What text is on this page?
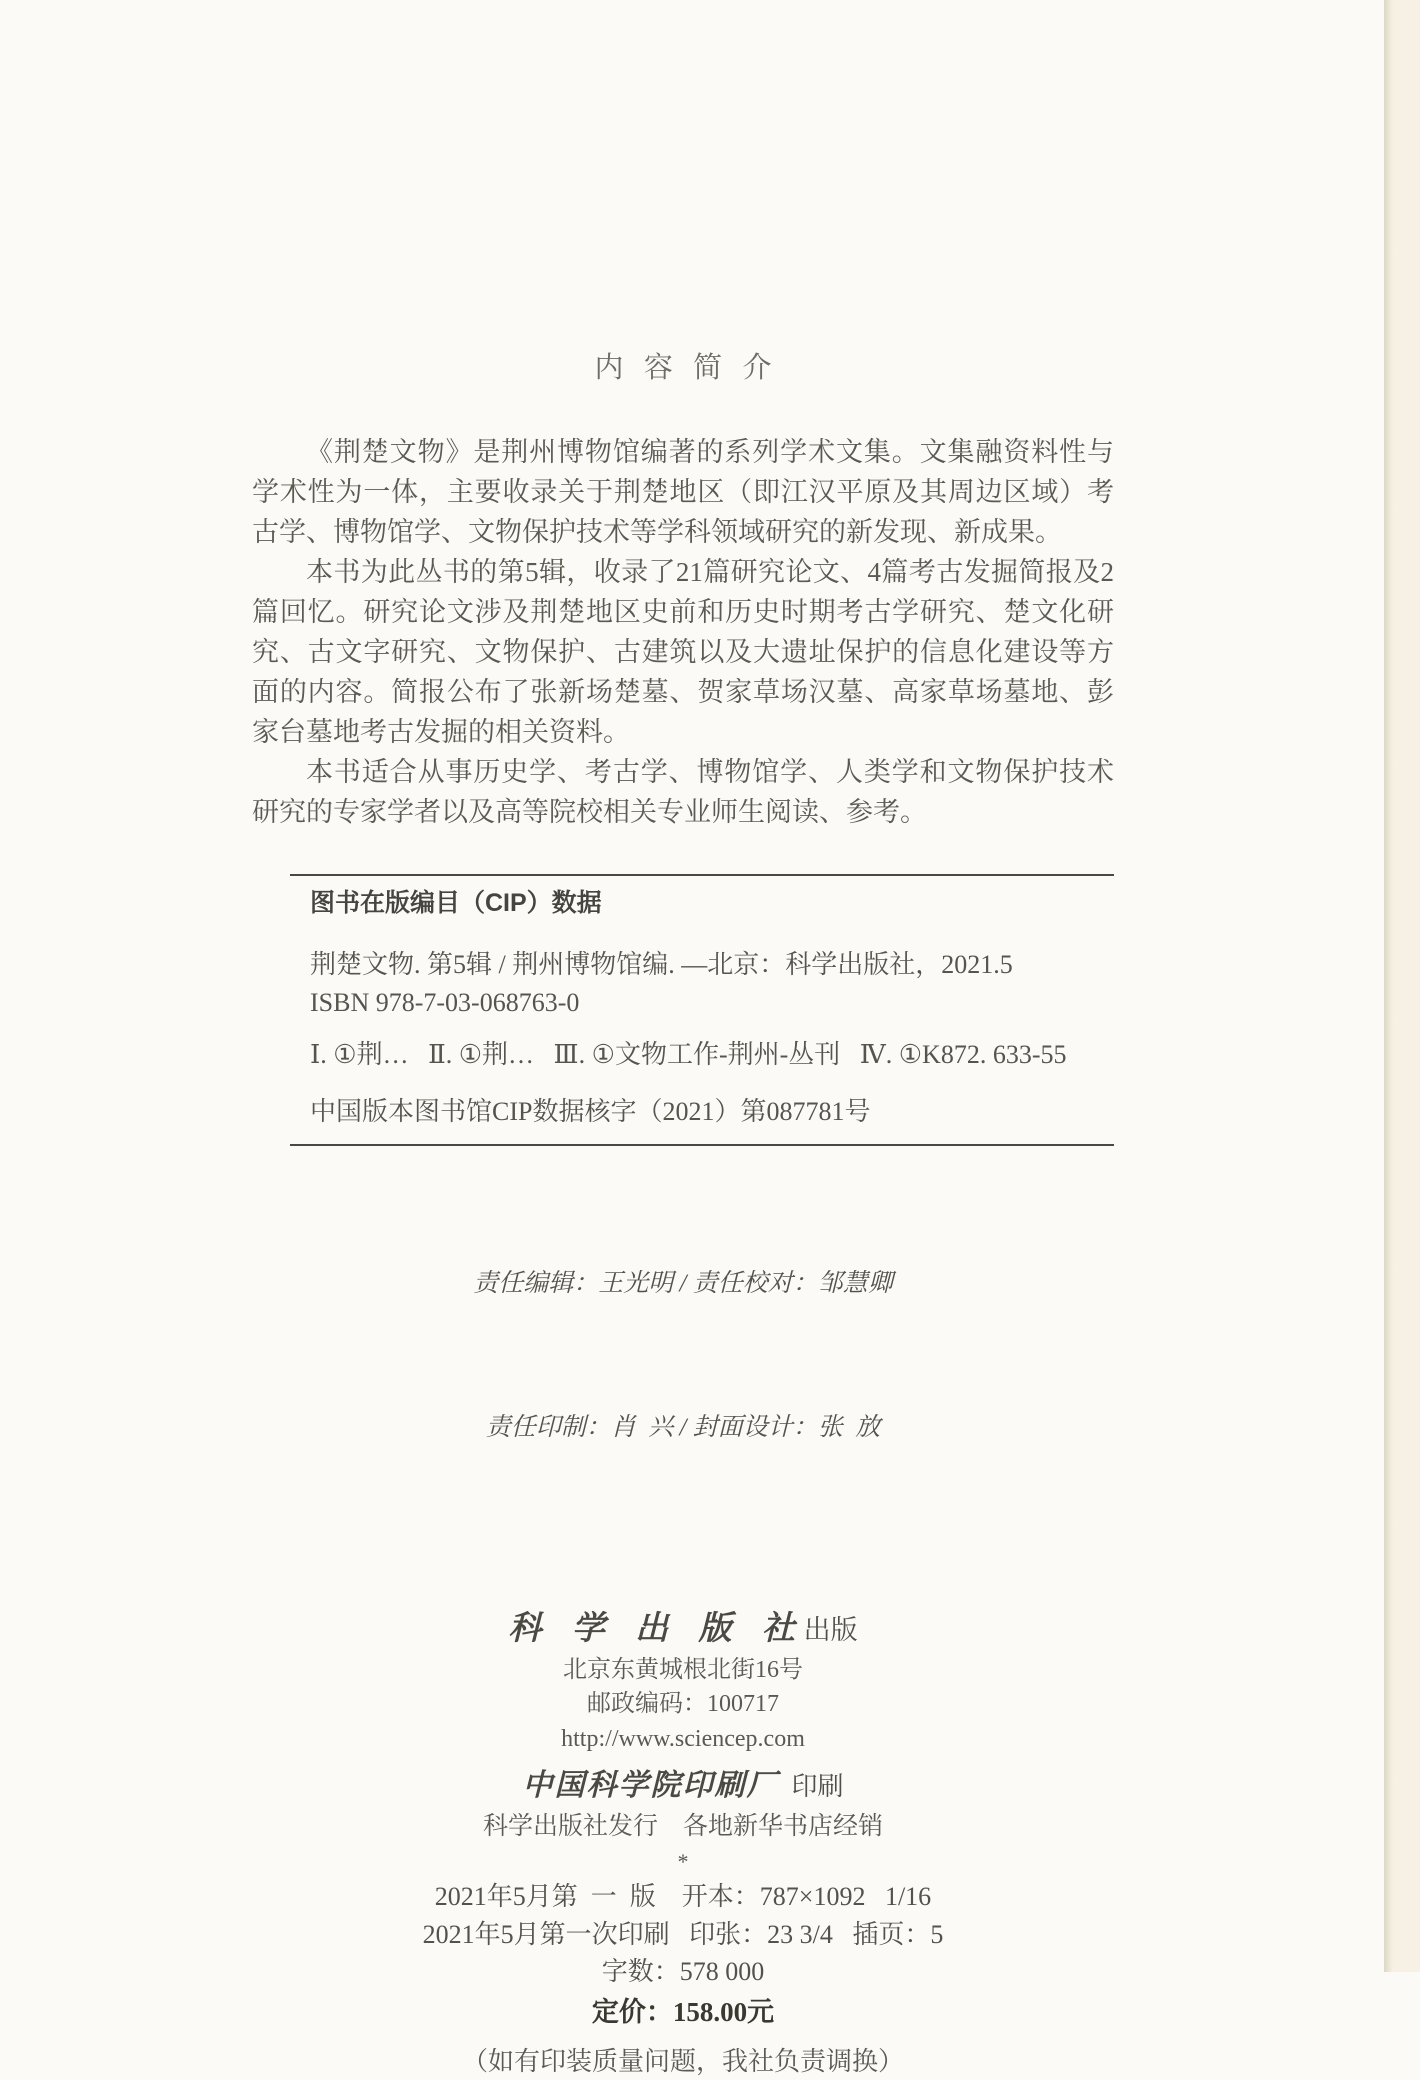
内 容 简 介

《荆楚文物》是荆州博物馆编著的系列学术文集。文集融资料性与学术性为一体，主要收录关于荆楚地区（即江汉平原及其周边区域）考古学、博物馆学、文物保护技术等学科领域研究的新发现、新成果。

本书为此丛书的第5辑，收录了21篇研究论文、4篇考古发掘简报及2篇回忆。研究论文涉及荆楚地区史前和历史时期考古学研究、楚文化研究、古文字研究、文物保护、古建筑以及大遗址保护的信息化建设等方面的内容。简报公布了张新场楚墓、贺家草场汉墓、高家草场墓地、彭家台墓地考古发掘的相关资料。

本书适合从事历史学、考古学、博物馆学、人类学和文物保护技术研究的专家学者以及高等院校相关专业师生阅读、参考。

图书在版编目（CIP）数据

荆楚文物. 第5辑 / 荆州博物馆编. —北京：科学出版社，2021.5

ISBN 978-7-03-068763-0

Ⅰ. ①荆…   Ⅱ. ①荆…   Ⅲ. ①文物工作-荆州-丛刊   Ⅳ. ①K872. 633-55

中国版本图书馆CIP数据核字（2021）第087781号

责任编辑：王光明 / 责任校对：邹慧卿

责任印制：肖  兴 / 封面设计：张  放

科 学 出 版 社 出版
北京东黄城根北街16号
邮政编码：100717
http://www.sciencep.com
中国科学院印刷厂  印刷
科学出版社发行    各地新华书店经销
*
2021年5月第  一  版    开本：787×1092   1/16
2021年5月第一次印刷   印张：23 3/4   插页：5
字数：578 000
定价：158.00元
（如有印装质量问题，我社负责调换）
